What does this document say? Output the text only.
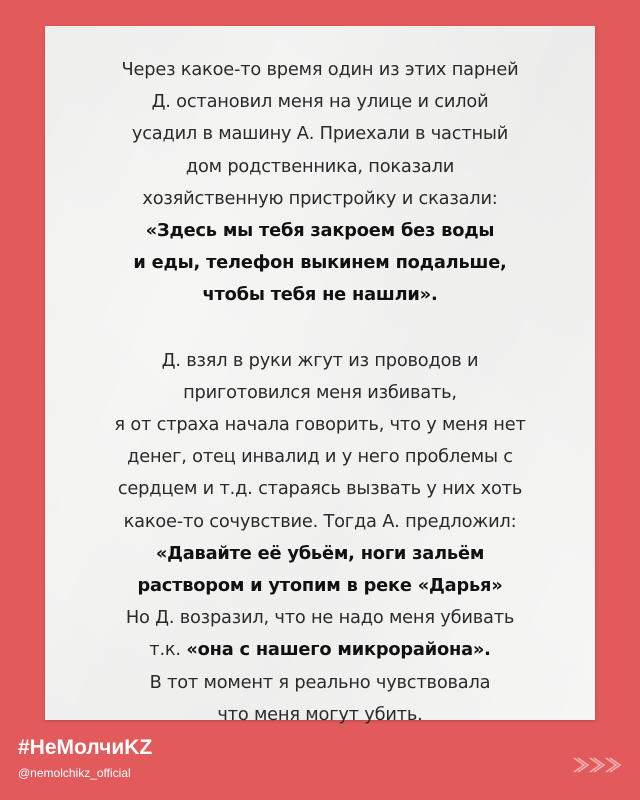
Через какое-то время один из этих парней
Д. остановил меня на улице и силой
усадил в машину А. Приехали в частный
дом родственника, показали
хозяйственную пристройку и сказали:
«Здесь мы тебя закроем без воды
и еды, телефон выкинем подальше,
чтобы тебя не нашли».
Д. взял в руки жгут из проводов и
приготовился меня избивать,
я от страха начала говорить, что у меня нет
денег, отец инвалид и у него проблемы с
сердцем и т.д. стараясь вызвать у них хоть
какое-то сочувствие. Тогда А. предложил:
«Давайте её убьём, ноги зальём
раствором и утопим в реке «Дарья»
Но Д. возразил, что не надо меня убивать
т.к. «она с нашего микрорайона».
В тот момент я реально чувствовала
что меня могут убить.
#НеМолчиKZ
@nemolchikz_official
